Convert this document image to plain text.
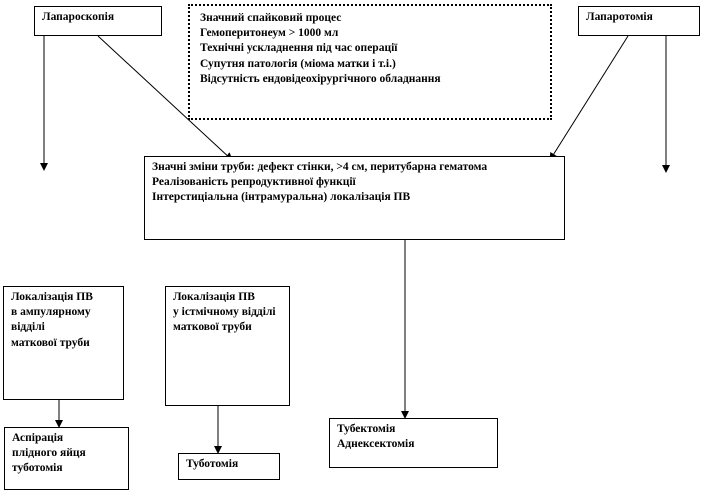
Лапароскопія	Значний спайковий процес
Гемоперитонеум > 1000 мл
Технічні ускладнення під час операції
Супутня патологія (міома матки і т.і.)
Відсутність ендовідеохірургічного обладнання
Лапаротомія
Значні зміни труби: дефект стінки, >4 см, перитубарна гематома
Реалізованість репродуктивної функції
Інтерстиціальна (інтрамуральна) локалізація ПВ
Локалізація ПВ
в ампулярному відділі
маткової труби
Локалізація ПВ
у істмічному відділі
маткової труби
Аспірація
плідного яйця
туботомія	Туботомія
Тубектомія
Аднексектомія
